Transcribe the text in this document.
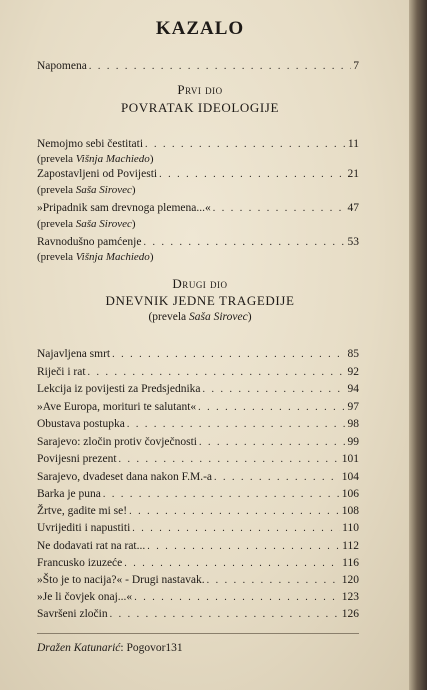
KAZALO
Napomena . . .	7
Prvi dio
POVRATAK IDEOLOGIJE
Nemojmo sebi čestitati . . .	11
(prevela Višnja Machiedo)
Zapostavljeni od Povijesti . . .	21
(prevela Saša Sirovec)
»Pripadnik sam drevnoga plemena...« . . .	47
(prevela Saša Sirovec)
Ravnodušno pamćenje . . .	53
(prevela Višnja Machiedo)
Drugi dio
DNEVNIK JEDNE TRAGEDIJE
(prevela Saša Sirovec)
Najavljena smrt . . .	85
Riječi i rat . . .	92
Lekcija iz povijesti za Predsjednika . . .	94
»Ave Europa, morituri te salutant« . . .	97
Obustava postupka . . .	98
Sarajevo: zločin protiv čovječnosti . . .	99
Povijesni prezent . . .	101
Sarajevo, dvadeset dana nakon F.M.-a . . .	104
Barka je puna . . .	106
Žrtve, gadite mi se! . . .	108
Uvrijediti i napustiti . . .	110
Ne dodavati rat na rat... . . .	112
Francusko izuzeće . . .	116
»Što je to nacija?« - Drugi nastavak. . . .	120
»Je li čovjek onaj...« . . .	123
Savršeni zločin . . .	126
Dražen Katunarić: Pogovor 131
